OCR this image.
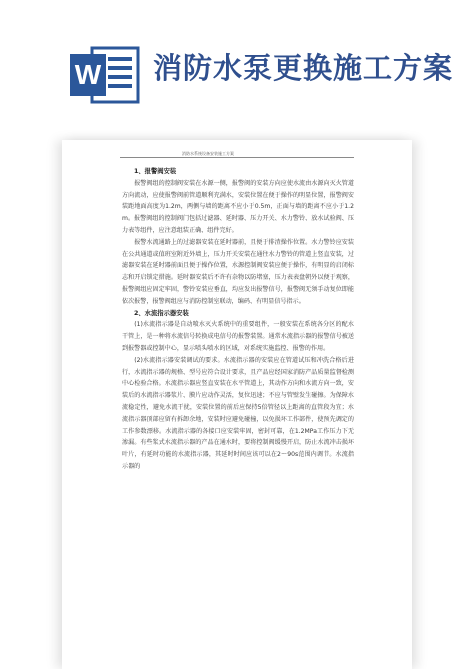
W 消防水泵更换施工方案
消防水系统设备安装施工方案
1、报警阀安装

报警阀组的控制阀安装在水源一侧，报警阀的安装方向应使水流由水源向灭火管道方向流动，应使报警阀前管道顺利充满水，安装位置在便于操作的明显位置，报警阀安装距地面高度为1.2m，两侧与墙的距离不应小于0.5m，正面与墙的距离不应小于1.2m。报警阀组的控制阀门包括过滤器、延时器、压力开关、水力警铃、放水试验阀、压力表等组件，应注意组装正确、组件完好。

报警水流通路上的过滤器安装在延时器前，且便于排渣操作位置。水力警铃应安装在公共通道或值班室附近外墙上，压力开关安装在通往水力警铃的管道上竖直安装，过滤器安装在延时器前面且便于操作位置，水源控制阀安装应便于操作，有明显的启闭标志和开启锁定措施。延时器安装后不许有杂物以防堵塞，压力表表盘朝外以便于观察，报警阀组应固定牢固，警铃安装应垂直，均应发出报警信号，报警阀无须手动复位即能依次报警，报警阀组应与消防控制室联动，编码、有明显信号指示。

2、水流指示器安装

(1)水流指示器是自动喷水灭火系统中的重要组件，一般安装在系统各分区的配水干管上，是一种将水流信号转换成电信号的报警装置。通常水流指示器的报警信号被送到报警器或控制中心，显示喷头喷水的区域，对系统实施监控、报警的作用。

(2)水流指示器安装调试的要求。水流指示器的安装应在管道试压和冲洗合格后进行，水流指示器的规格、型号应符合设计要求，且产品应经国家消防产品质量监督检测中心检验合格。水流指示器应竖直安装在水平管道上，其动作方向和水流方向一致，安装后的水流指示器浆片、膜片应动作灵活，复位迅速；不应与管壁发生碰擦。为保障水流稳定性，避免水流干扰，安装位置的前后应保持5倍管径以上距离的直管段为宜；水流指示器顶部应留有拆卸余地，安装时应避免碰撞，以免损坏工作部件，使预先调定的工作参数漂移。水流指示器的各接口应安装牢固，密封可靠，在1.2MPa工作压力下无渗漏。有些浆式水流指示器的产品在通水时，要将控制阀缓慢开启，防止水流冲击损坏叶片，有延时功能的水流指示器，其延时时间应该可以在2～90s范围内调节。水流指示器的
